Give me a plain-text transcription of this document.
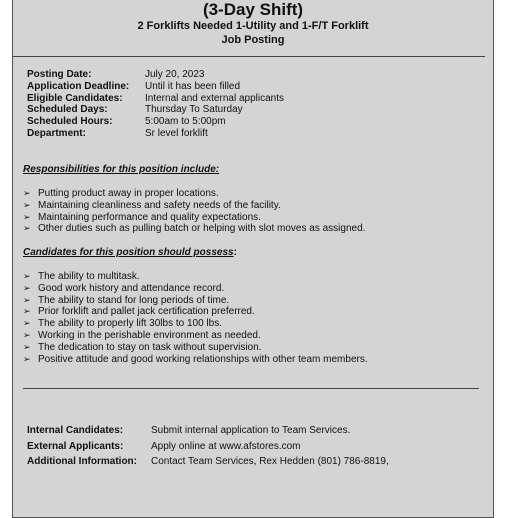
(3-Day Shift)
2 Forklifts Needed 1-Utility and 1-F/T Forklift
Job Posting
Posting Date:	July 20, 2023
Application Deadline:	Until it has been filled
Eligible Candidates:	Internal and external applicants
Scheduled Days:	Thursday To Saturday
Scheduled Hours:	5:00am to 5:00pm
Department:	Sr level forklift
Responsibilities for this position include:
➢ Putting product away in proper locations.
➢ Maintaining cleanliness and safety needs of the facility.
➢ Maintaining performance and quality expectations.
➢ Other duties such as pulling batch or helping with slot moves as assigned.
Candidates for this position should possess:
➢ The ability to multitask.
➢ Good work history and attendance record.
➢ The ability to stand for long periods of time.
➢ Prior forklift and pallet jack certification preferred.
➢ The ability to properly lift 30lbs to 100 lbs.
➢ Working in the perishable environment as needed.
➢ The dedication to stay on task without supervision.
➢ Positive attitude and good working relationships with other team members.
Internal Candidates:	Submit internal application to Team Services.
External Applicants:	Apply online at www.afstores.com
Additional Information:	Contact Team Services, Rex Hedden (801) 786-8819,
